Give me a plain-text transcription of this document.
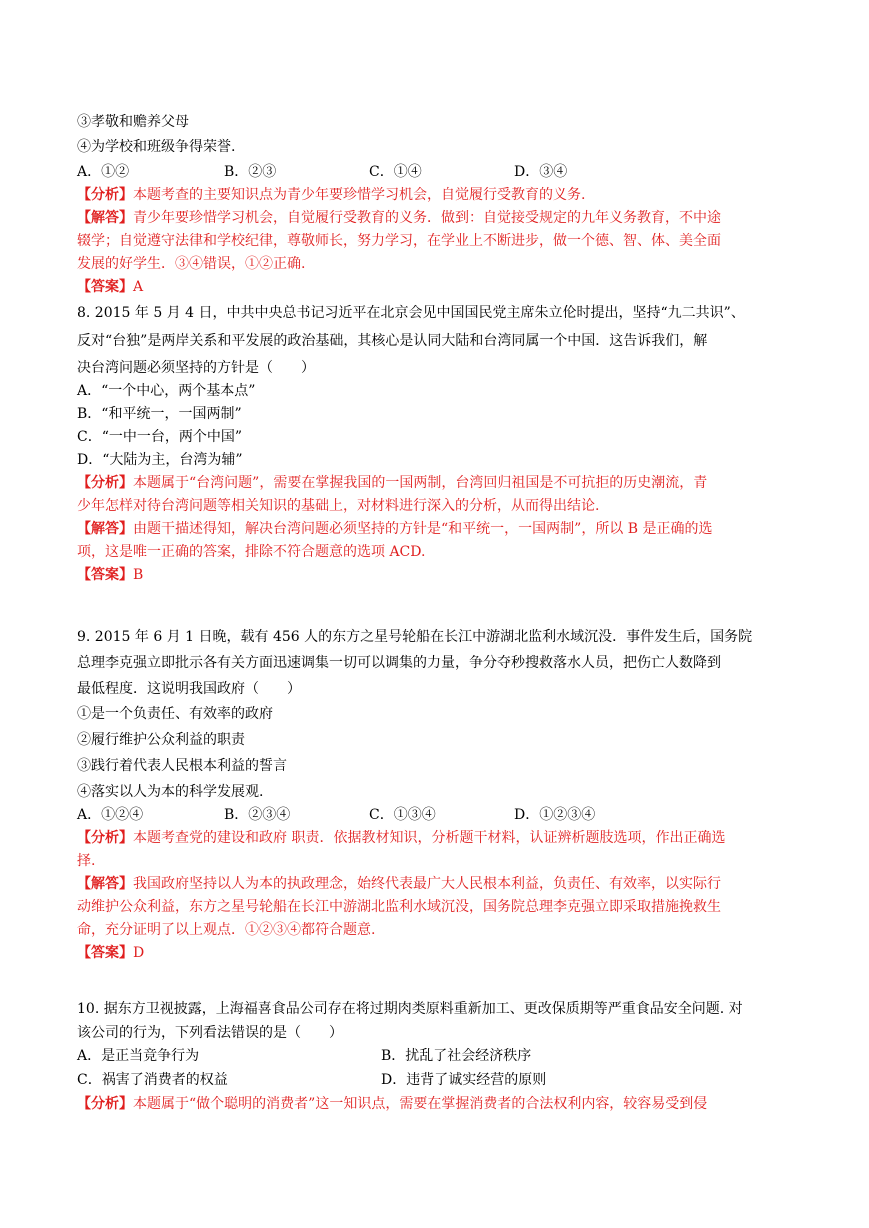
③孝敬和赡养父母
④为学校和班级争得荣誉.
A．①②	B．②③	C．①④	D．③④
【分析】本题考查的主要知识点为青少年要珍惜学习机会，自觉履行受教育的义务.
【解答】青少年要珍惜学习机会，自觉履行受教育的义务．做到：自觉接受规定的九年义务教育，不中途
辍学；自觉遵守法律和学校纪律，尊敬师长，努力学习，在学业上不断进步，做一个德、智、体、美全面
发展的好学生．③④错误，①②正确.
【答案】A
8. 2015 年 5 月 4 日，中共中央总书记习近平在北京会见中国国民党主席朱立伦时提出，坚持“九二共识”、
反对“台独”是两岸关系和平发展的政治基础，其核心是认同大陆和台湾同属一个中国．这告诉我们，解
决台湾问题必须坚持的方针是（　　）
A．“一个中心，两个基本点”
B．“和平统一，一国两制”
C．“一中一台，两个中国”
D．“大陆为主，台湾为辅”
【分析】本题属于“台湾问题”，需要在掌握我国的一国两制，台湾回归祖国是不可抗拒的历史潮流，青
少年怎样对待台湾问题等相关知识的基础上，对材料进行深入的分析，从而得出结论.
【解答】由题干描述得知，解决台湾问题必须坚持的方针是“和平统一，一国两制”，所以 B 是正确的选
项，这是唯一正确的答案，排除不符合题意的选项 ACD.
【答案】B
9. 2015 年 6 月 1 日晚，载有 456 人的东方之星号轮船在长江中游湖北监利水域沉没．事件发生后，国务院
总理李克强立即批示各有关方面迅速调集一切可以调集的力量，争分夺秒搜救落水人员，把伤亡人数降到
最低程度．这说明我国政府（　　）
①是一个负责任、有效率的政府
②履行维护公众利益的职责
③践行着代表人民根本利益的誓言
④落实以人为本的科学发展观.
A．①②④	B．②③④	C．①③④	D．①②③④
【分析】本题考查党的建设和政府 职责．依据教材知识，分析题干材料，认证辨析题肢选项，作出正确选
择.
【解答】我国政府坚持以人为本的执政理念，始终代表最广大人民根本利益，负责任、有效率，以实际行
动维护公众利益，东方之星号轮船在长江中游湖北监利水域沉没，国务院总理李克强立即采取措施挽救生
命，充分证明了以上观点．①②③④都符合题意.
【答案】D
10. 据东方卫视披露，上海福喜食品公司存在将过期肉类原料重新加工、更改保质期等严重食品安全问题. 对
该公司的行为，下列看法错误的是（　　）
A．是正当竞争行为	B．扰乱了社会经济秩序
C．祸害了消费者的权益	D．违背了诚实经营的原则
【分析】本题属于“做个聪明的消费者”这一知识点，需要在掌握消费者的合法权利内容，较容易受到侵
